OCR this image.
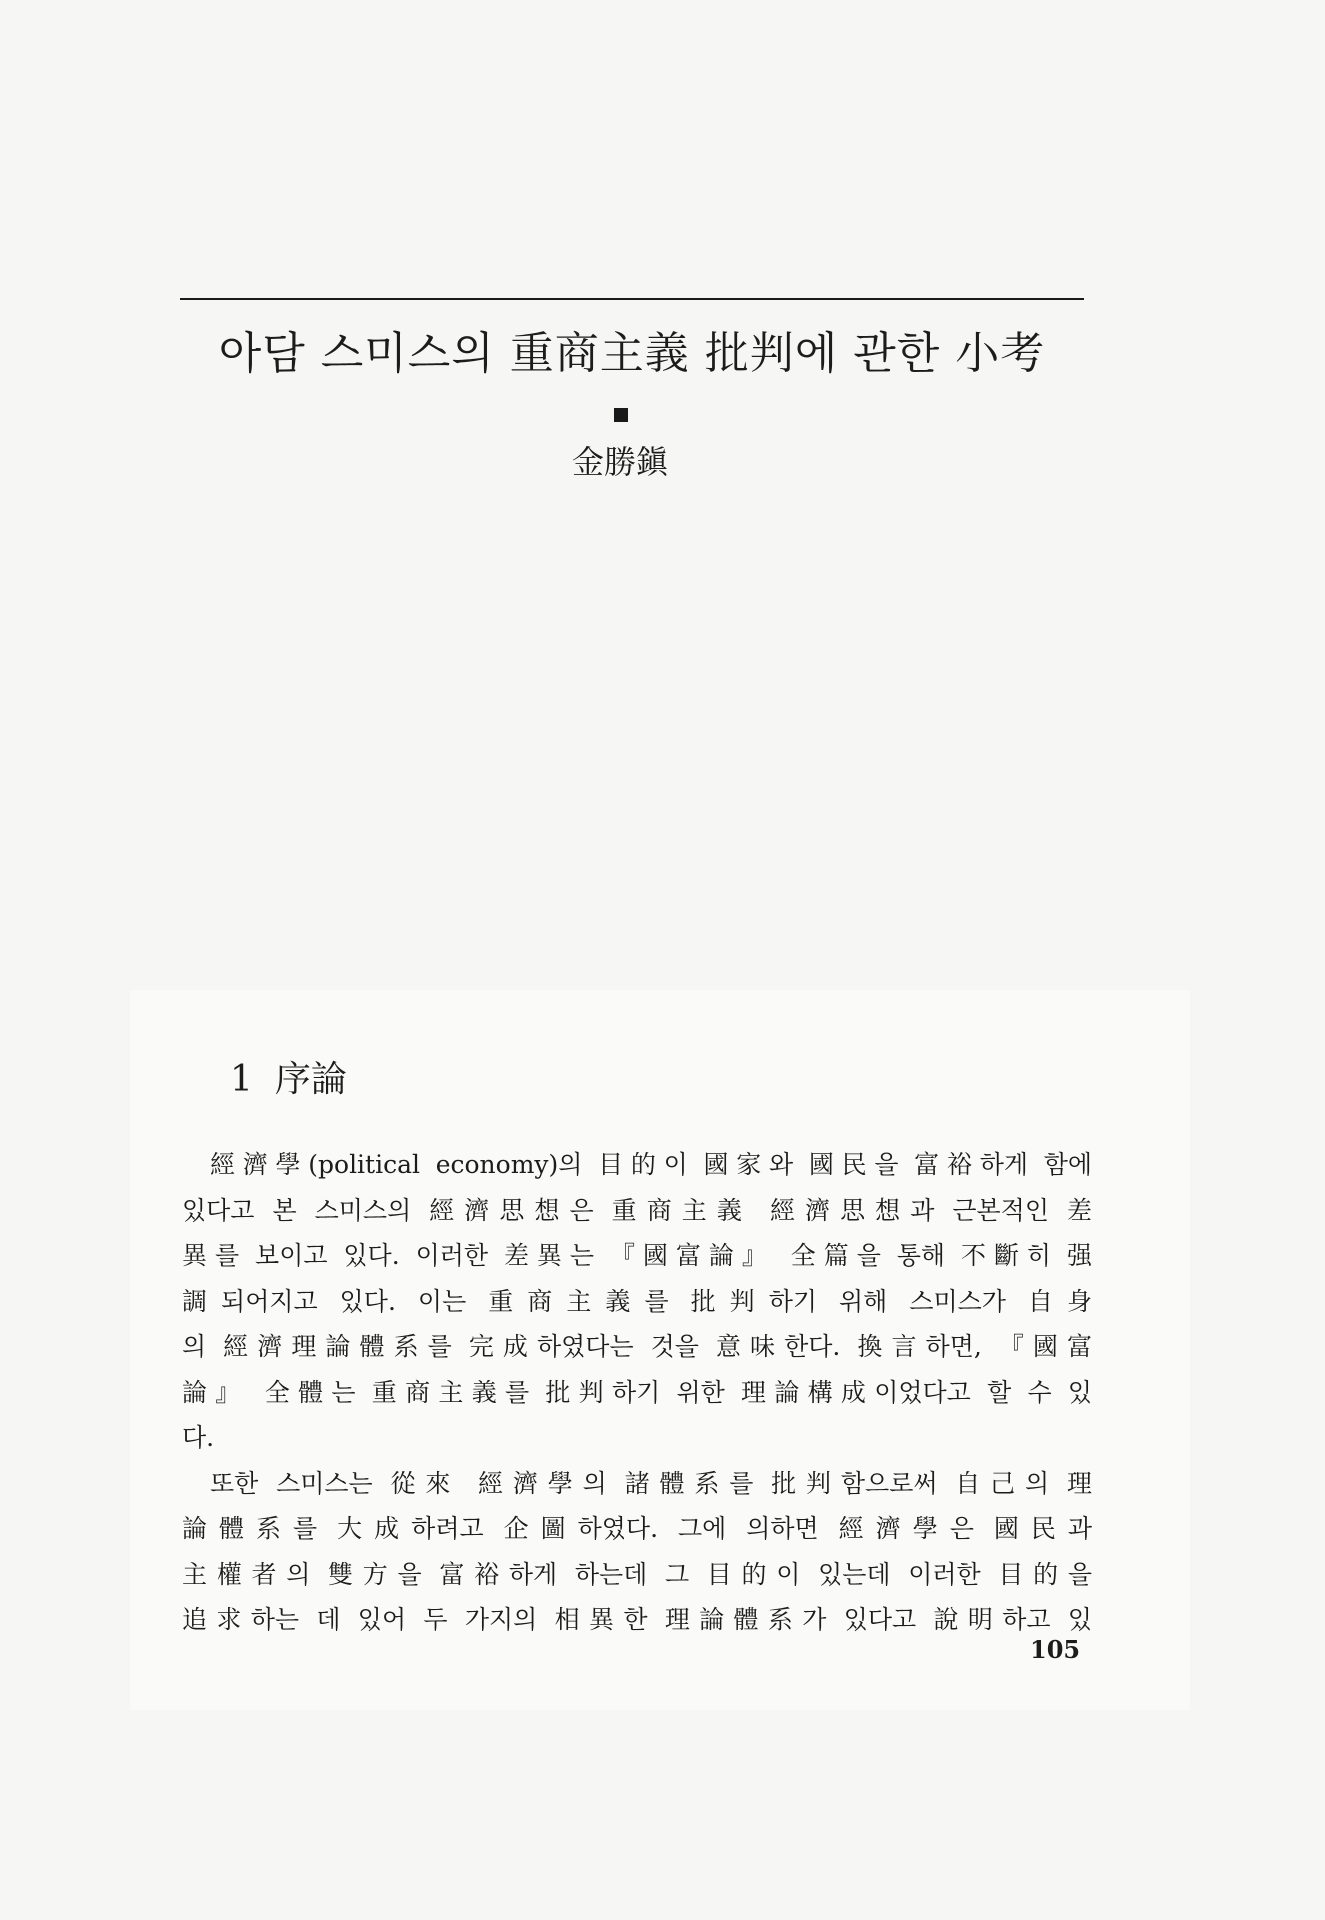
아담 스미스의 重商主義 批判에 관한 小考
金勝鎭
1 序論
經濟學(political economy)의 目的이 國家와 國民을 富裕하게 함에
있다고 본 스미스의 經濟思想은 重商主義 經濟思想과 근본적인 差
異를 보이고 있다. 이러한 差異는 『國富論』 全篇을 통해 不斷히 强
調되어지고 있다. 이는 重商主義를 批判하기 위해 스미스가 自身
의 經濟理論體系를 完成하였다는 것을 意味한다. 換言하면, 『國富
論』 全體는 重商主義를 批判하기 위한 理論構成이었다고 할 수 있
다.
또한 스미스는 從來 經濟學의 諸體系를 批判함으로써 自己의 理
論體系를 大成하려고 企圖하였다. 그에 의하면 經濟學은 國民과
主權者의 雙方을 富裕하게 하는데 그 目的이 있는데 이러한 目的을
追求하는 데 있어 두 가지의 相異한 理論體系가 있다고 說明하고 있
105
